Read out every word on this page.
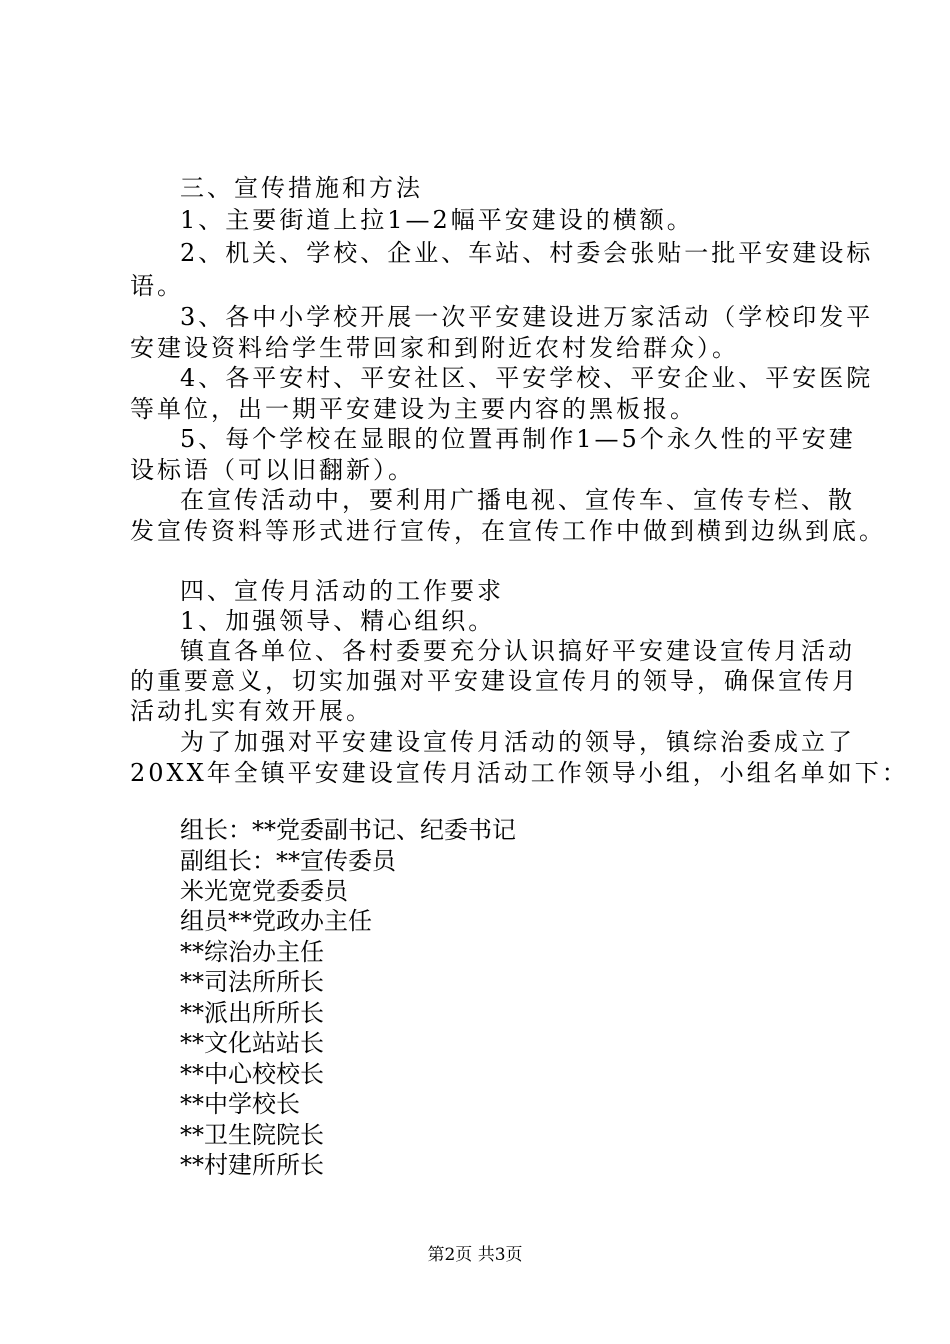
三、宣传措施和方法
1、主要街道上拉1—2幅平安建设的横额。
2、机关、学校、企业、车站、村委会张贴一批平安建设标
语。
3、各中小学校开展一次平安建设进万家活动（学校印发平
安建设资料给学生带回家和到附近农村发给群众）。
4、各平安村、平安社区、平安学校、平安企业、平安医院
等单位，出一期平安建设为主要内容的黑板报。
5、每个学校在显眼的位置再制作1—5个永久性的平安建
设标语（可以旧翻新）。
在宣传活动中，要利用广播电视、宣传车、宣传专栏、散
发宣传资料等形式进行宣传，在宣传工作中做到横到边纵到底。
四、宣传月活动的工作要求
1、加强领导、精心组织。
镇直各单位、各村委要充分认识搞好平安建设宣传月活动
的重要意义，切实加强对平安建设宣传月的领导，确保宣传月
活动扎实有效开展。
为了加强对平安建设宣传月活动的领导，镇综治委成立了
20XX年全镇平安建设宣传月活动工作领导小组，小组名单如下：
组长：**党委副书记、纪委书记
副组长：**宣传委员
米光宽党委委员
组员**党政办主任
**综治办主任
**司法所所长
**派出所所长
**文化站站长
**中心校校长
**中学校长
**卫生院院长
**村建所所长
第2页 共3页
